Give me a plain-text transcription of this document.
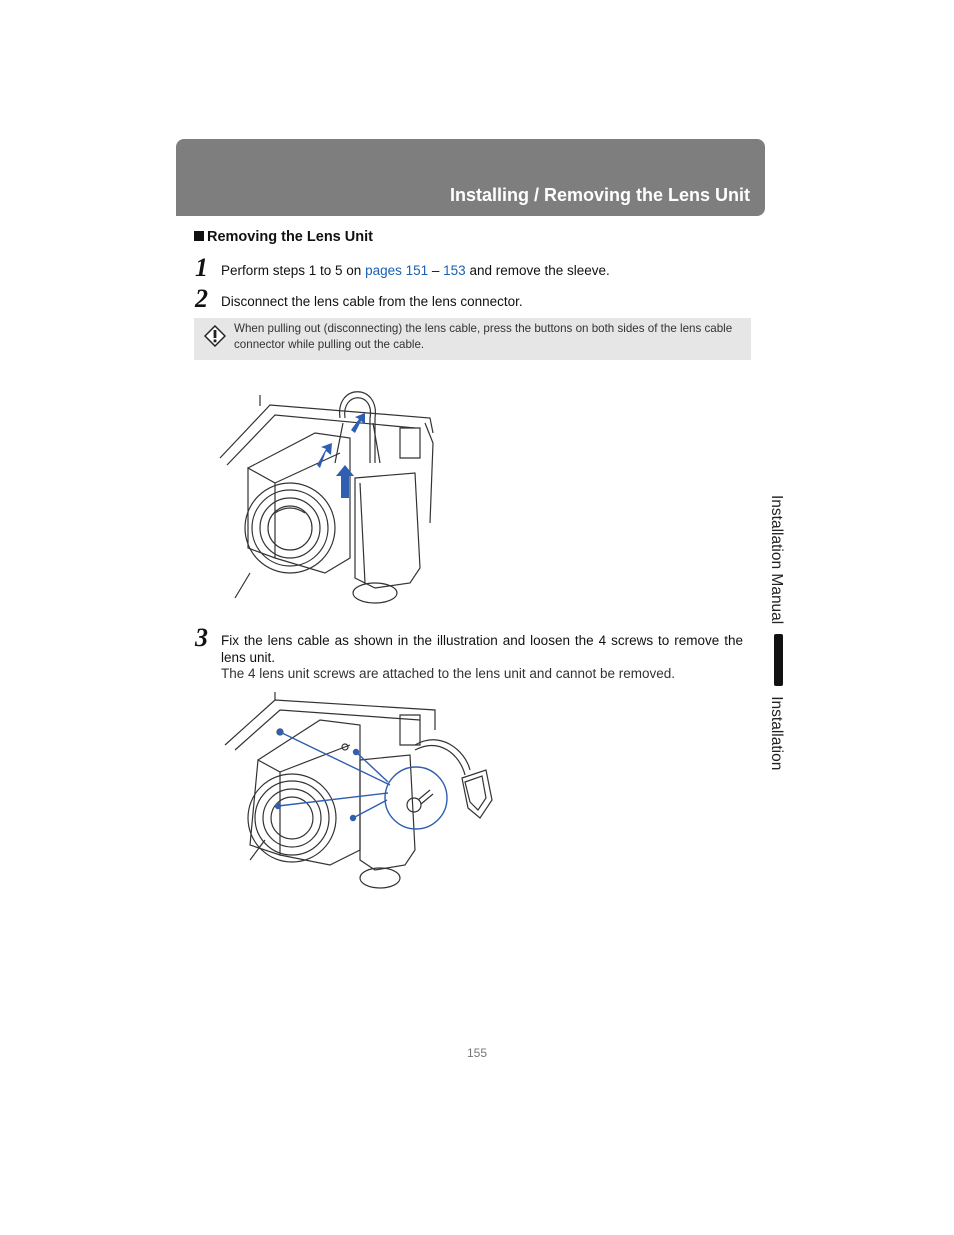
Installing / Removing the Lens Unit
Removing the Lens Unit
1 Perform steps 1 to 5 on pages 151 – 153 and remove the sleeve.
2 Disconnect the lens cable from the lens connector.
When pulling out (disconnecting) the lens cable, press the buttons on both sides of the lens cable connector while pulling out the cable.
3 Fix the lens cable as shown in the illustration and loosen the 4 screws to remove the lens unit.
The 4 lens unit screws are attached to the lens unit and cannot be removed.
Installation ManualInstallation
155
